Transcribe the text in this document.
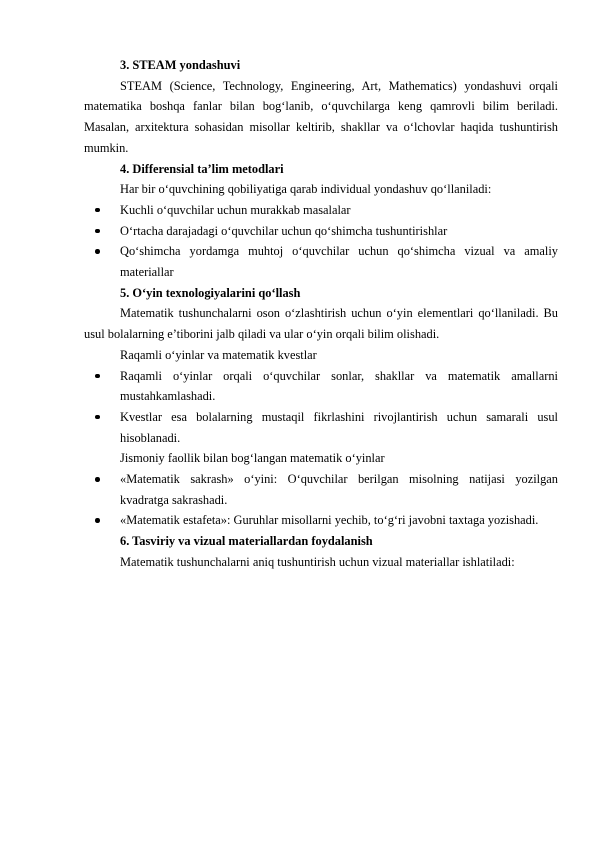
3. STEAM yondashuvi

STEAM (Science, Technology, Engineering, Art, Mathematics) yondashuvi orqali matematika boshqa fanlar bilan bog‘lanib, o‘quvchilarga keng qamrovli bilim beriladi. Masalan, arxitektura sohasidan misollar keltirib, shakllar va o‘lchovlar haqida tushuntirish mumkin.

4. Differensial ta’lim metodlari

Har bir o‘quvchining qobiliyatiga qarab individual yondashuv qo‘llaniladi:

Kuchli o‘quvchilar uchun murakkab masalalar
O‘rtacha darajadagi o‘quvchilar uchun qo‘shimcha tushuntirishlar
Qo‘shimcha yordamga muhtoj o‘quvchilar uchun qo‘shimcha vizual va amaliy materiallar

5. O‘yin texnologiyalarini qo‘llash

Matematik tushunchalarni oson o‘zlashtirish uchun o‘yin elementlari qo‘llaniladi. Bu usul bolalarning e’tiborini jalb qiladi va ular o‘yin orqali bilim olishadi.

Raqamli o‘yinlar va matematik kvestlar

Raqamli o‘yinlar orqali o‘quvchilar sonlar, shakllar va matematik amallarni mustahkamlashadi.
Kvestlar esa bolalarning mustaqil fikrlashini rivojlantirish uchun samarali usul hisoblanadi.

Jismoniy faollik bilan bog‘langan matematik o‘yinlar

«Matematik sakrash» o‘yini: O‘quvchilar berilgan misolning natijasi yozilgan kvadratga sakrashadi.
«Matematik estafeta»: Guruhlar misollarni yechib, to‘g‘ri javobni taxtaga yozishadi.

6. Tasviriy va vizual materiallardan foydalanish

Matematik tushunchalarni aniq tushuntirish uchun vizual materiallar ishlatiladi:
